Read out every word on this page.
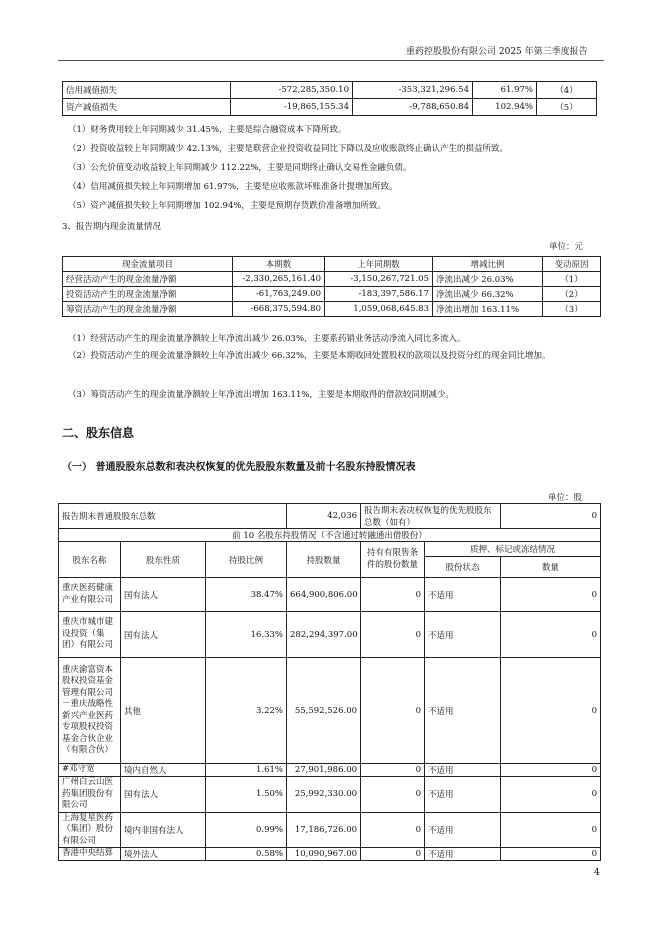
重药控股股份有限公司 2025 年第三季度报告
信用减值损失	-572,285,350.10	-353,321,296.54	61.97%	（4）
资产减值损失	-19,865,155.34	-9,788,650.84	102.94%	（5）
（1）财务费用较上年同期减少 31.45%，主要是综合融资成本下降所致。
（2）投资收益较上年同期减少 42.13%，主要是联营企业投资收益同比下降以及应收账款终止确认产生的损益所致。
（3）公允价值变动收益较上年同期减少 112.22%，主要是同期终止确认交易性金融负债。
（4）信用减值损失较上年同期增加 61.97%，主要是应收账款坏账准备计提增加所致。
（5）资产减值损失较上年同期增加 102.94%，主要是预期存货跌价准备增加所致。
3、报告期内现金流量情况
单位：元
现金流量项目	本期数	上年同期数	增减比例	变动原因
经营活动产生的现金流量净额	-2,330,265,161.40	-3,150,267,721.05	净流出减少 26.03%	（1）
投资活动产生的现金流量净额	-61,763,249.00	-183,397,586.17	净流出减少 66.32%	（2）
筹资活动产生的现金流量净额	-668,375,594.80	1,059,068,645.83	净流出增加 163.11%	（3）
（1）经营活动产生的现金流量净额较上年净流出减少 26.03%，主要系药销业务活动净流入同比多流入。
（2）投资活动产生的现金流量净额较上年净流出减少 66.32%，主要是本期收回处置股权的款项以及投资分红的现金同比增加。
（3）筹资活动产生的现金流量净额较上年净流出增加 163.11%，主要是本期取得的借款较同期减少。
二、股东信息
（一） 普通股股东总数和表决权恢复的优先股股东数量及前十名股东持股情况表
单位：股
报告期末普通股股东总数			42,036	报告期末表决权恢复的优先股股东总数（如有）		0
前 10 名股东持股情况（不含通过转融通出借股份）						
股东名称	股东性质	持股比例	持股数量	持有有限售条件的股份数量	质押、标记或冻结情况	
					股份状态	数量
重庆医药健康产业有限公司	国有法人	38.47%	664,900,806.00	0	不适用	0
重庆市城市建设投资（集团）有限公司	国有法人	16.33%	282,294,397.00	0	不适用	0
重庆渝富资本股权投资基金管理有限公司－重庆战略性新兴产业医药专项股权投资基金合伙企业（有限合伙）	其他	3.22%	55,592,526.00	0	不适用	0
#邓守宽	境内自然人	1.61%	27,901,986.00	0	不适用	0
广州白云山医药集团股份有限公司	国有法人	1.50%	25,992,330.00	0	不适用	0
上海复星医药（集团）股份有限公司	境内非国有法人	0.99%	17,186,726.00	0	不适用	0
香港中央结算	境外法人	0.58%	10,090,967.00	0	不适用	0
4
